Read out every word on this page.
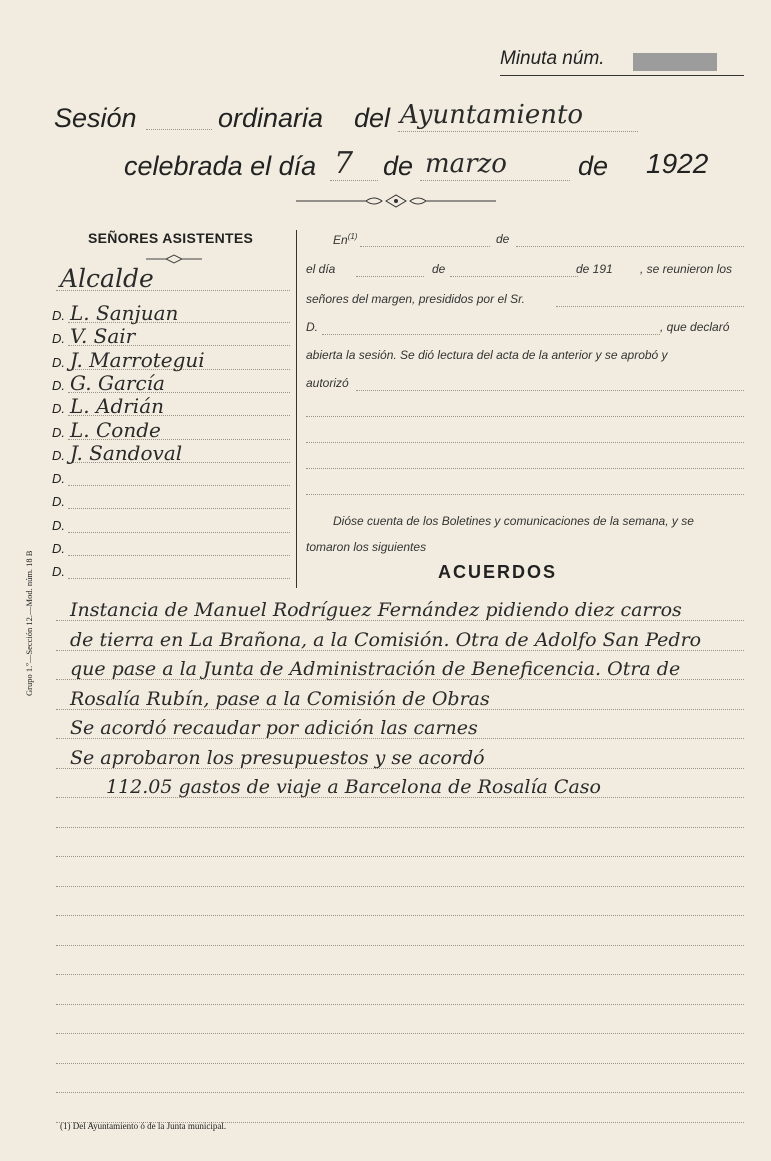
Minuta núm.
Sesión	ordinaria del Ayuntamiento
celebrada el día 7 de marzo	de 1922
SEÑORES ASISTENTES
Alcalde
D. L. Sanjuan
D. V. Sair
D. J. Marrotegui
D. G. García
D. L. Adrián
D. L. Conde
D. J. Sandoval
D.
D.
D.
D.
D.
En$^{(1)}$	de
el día	de	de 191 , se reunieron los
señores del margen, presididos por el Sr.
D.	, que declaró
abierta la sesión. Se dió lectura del acta de la anterior y se aprobó y
autorizó
Dióse cuenta de los Boletines y comunicaciones de la semana, y se
tomaron los siguientes
ACUERDOS
Instancia de Manuel Rodríguez Fernández pidiendo diez carros
de tierra en La Brañona, a la Comisión. Otra de Adolfo San Pedro
que pase a la Junta de Administración de Beneficencia. Otra de
Rosalía Rubín, pase a la Comisión de Obras
Se acordó recaudar por adición las carnes
Se aprobaron los presupuestos y se acordó
112.05 gastos de viaje a Barcelona de Rosalía Caso
Grupo 1.º—Sección 12.—Mod. núm. 18 B
(1) Del Ayuntamiento ó de la Junta municipal.
